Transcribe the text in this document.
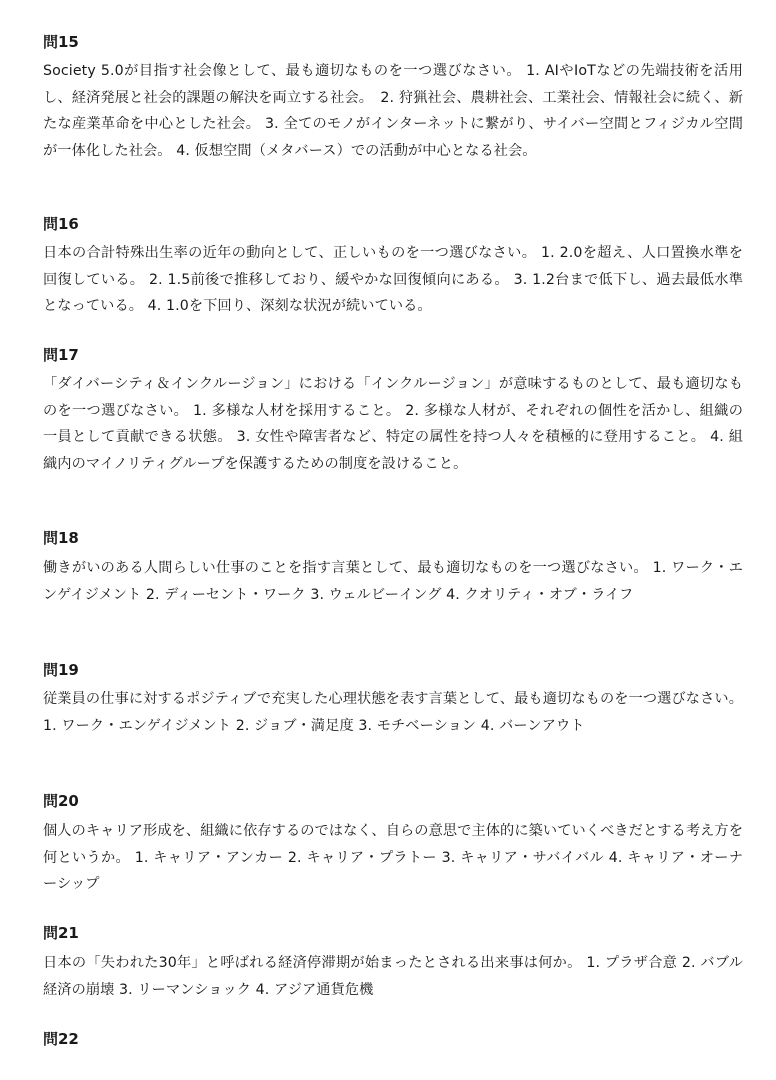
問15

Society 5.0が目指す社会像として、最も適切なものを一つ選びなさい。 1. AIやIoTなどの先端技術を活用し、経済発展と社会的課題の解決を両立する社会。　2. 狩猟社会、農耕社会、工業社会、情報社会に続く、新たな産業革命を中心とした社会。 3. 全てのモノがインターネットに繋がり、サイバー空間とフィジカル空間が一体化した社会。 4. 仮想空間（メタバース）での活動が中心となる社会。

問16

日本の合計特殊出生率の近年の動向として、正しいものを一つ選びなさい。 1. 2.0を超え、人口置換水準を回復している。 2. 1.5前後で推移しており、緩やかな回復傾向にある。 3. 1.2台まで低下し、過去最低水準となっている。 4. 1.0を下回り、深刻な状況が続いている。

問17

「ダイバーシティ＆インクルージョン」における「インクルージョン」が意味するものとして、最も適切なものを一つ選びなさい。 1. 多様な人材を採用すること。 2. 多様な人材が、それぞれの個性を活かし、組織の一員として貢献できる状態。 3. 女性や障害者など、特定の属性を持つ人々を積極的に登用すること。 4. 組織内のマイノリティグループを保護するための制度を設けること。

問18

働きがいのある人間らしい仕事のことを指す言葉として、最も適切なものを一つ選びなさい。 1. ワーク・エンゲイジメント 2. ディーセント・ワーク 3. ウェルビーイング 4. クオリティ・オブ・ライフ

問19

従業員の仕事に対するポジティブで充実した心理状態を表す言葉として、最も適切なものを一つ選びなさい。 1. ワーク・エンゲイジメント 2. ジョブ・満足度 3. モチベーション 4. バーンアウト

問20

個人のキャリア形成を、組織に依存するのではなく、自らの意思で主体的に築いていくべきだとする考え方を何というか。 1. キャリア・アンカー 2. キャリア・プラトー 3. キャリア・サバイバル 4. キャリア・オーナーシップ

問21

日本の「失われた30年」と呼ばれる経済停滞期が始まったとされる出来事は何か。 1. プラザ合意 2. バブル経済の崩壊 3. リーマンショック 4. アジア通貨危機

問22
